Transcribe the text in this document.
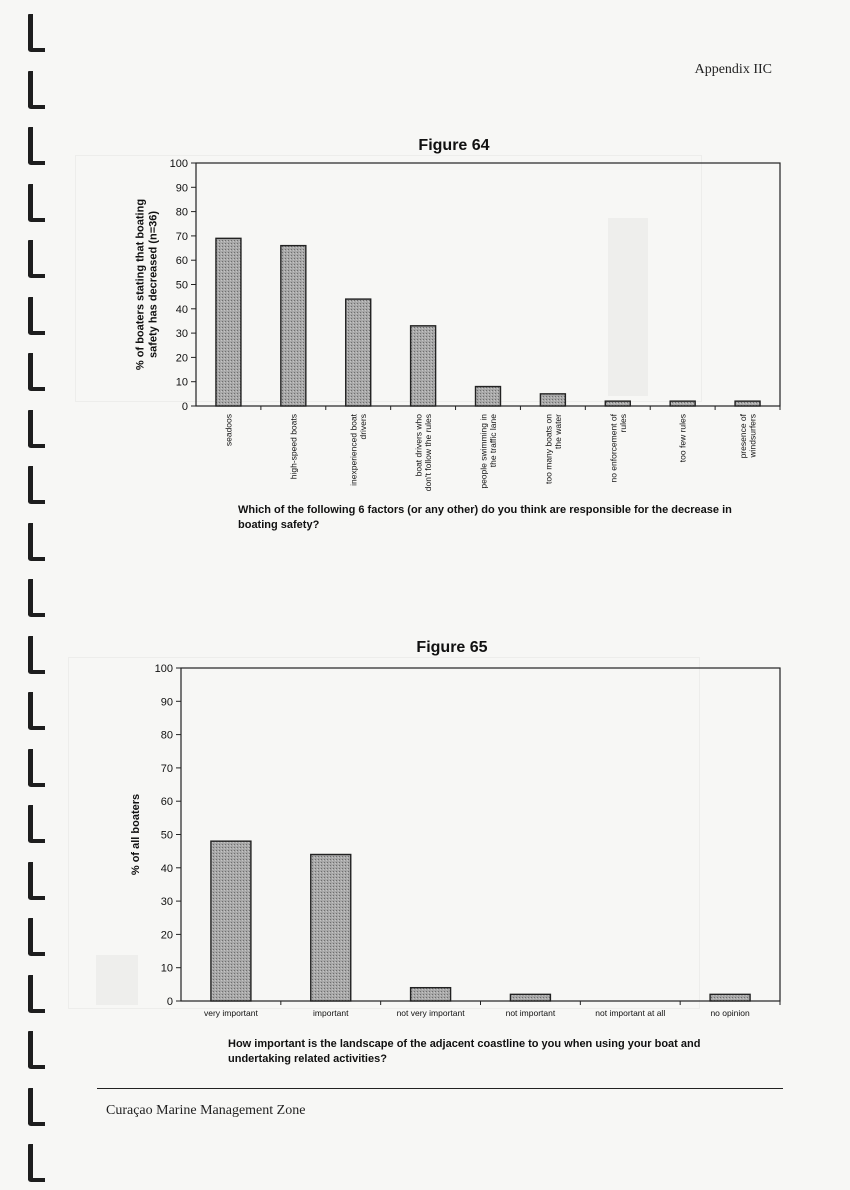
Appendix IIC
Figure 64
0
10
20
30
40
50
60
70
80
90
100
% of boaters stating that boatingsafety has decreased (n=36)
seadoos	high-speed boats	inexperienced boatdrivers	boat drivers whodon't follow the rules	people swimming inthe traffic lane	too many boats onthe water	no enforcement ofrules	too few rules	presence ofwindsurfers
Which of the following 6 factors (or any other) do you think are responsible for the decrease in boating safety?
Figure 65
0
10
20
30
40
50
60
70
80
90
100
% of all boaters
very important	important	not very important	not important	not important at all	no opinion
How important is the landscape of the adjacent coastline to you when using your boat and undertaking related activities?
Curaçao Marine Management Zone
